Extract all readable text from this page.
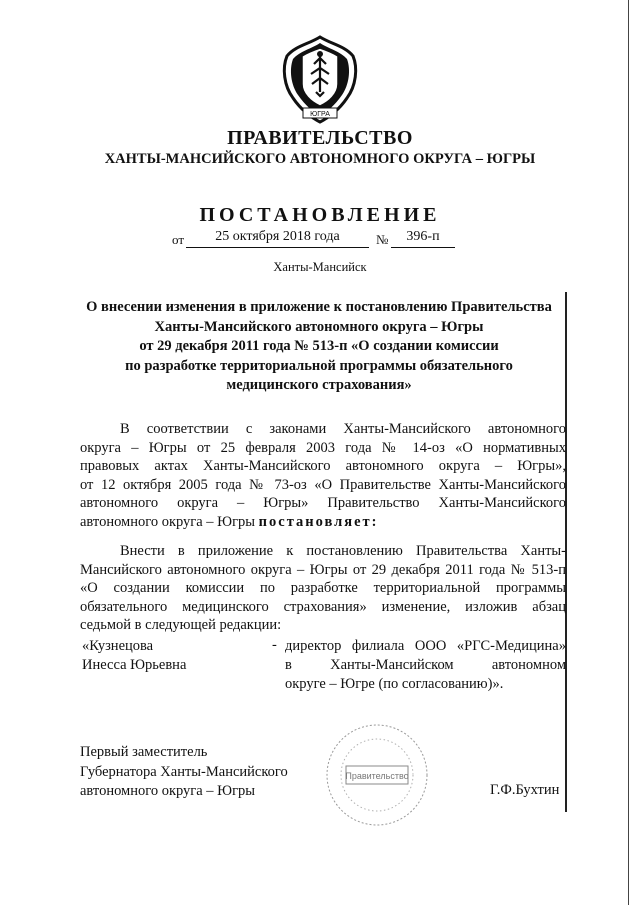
ЮГРА
ПРАВИТЕЛЬСТВО
ХАНТЫ-МАНСИЙСКОГО АВТОНОМНОГО ОКРУГА – ЮГРЫ
ПОСТАНОВЛЕНИЕ
от	25 октября 2018 года	№	396-п
Ханты-Мансийск
О внесении изменения в приложение к постановлению Правительства
Ханты-Мансийского автономного округа – Югры
от 29 декабря 2011 года № 513-п «О создании комиссии
по разработке территориальной программы обязательного
медицинского страхования»
В соответствии с законами Ханты-Мансийского автономного
округа – Югры от 25 февраля 2003 года № 14-оз «О нормативных
правовых актах Ханты-Мансийского автономного округа – Югры»,
от 12 октября 2005 года № 73-оз «О Правительстве Ханты-Мансийского
автономного округа – Югры» Правительство Ханты-Мансийского
автономного округа – Югры постановляет:
Внести в приложение к постановлению Правительства Ханты-
Мансийского автономного округа – Югры от 29 декабря 2011 года № 513-п
«О создании комиссии по разработке территориальной программы
обязательного медицинского страхования» изменение, изложив абзац
седьмой в следующей редакции:
«Кузнецова
Инесса Юрьевна
- директор филиала ООО «РГС-Медицина»
в Ханты-Мансийском автономном
округе – Югре (по согласованию)».
Первый заместитель
Губернатора Ханты-Мансийского
автономного округа – Югры
Правительство
Г.Ф.Бухтин
